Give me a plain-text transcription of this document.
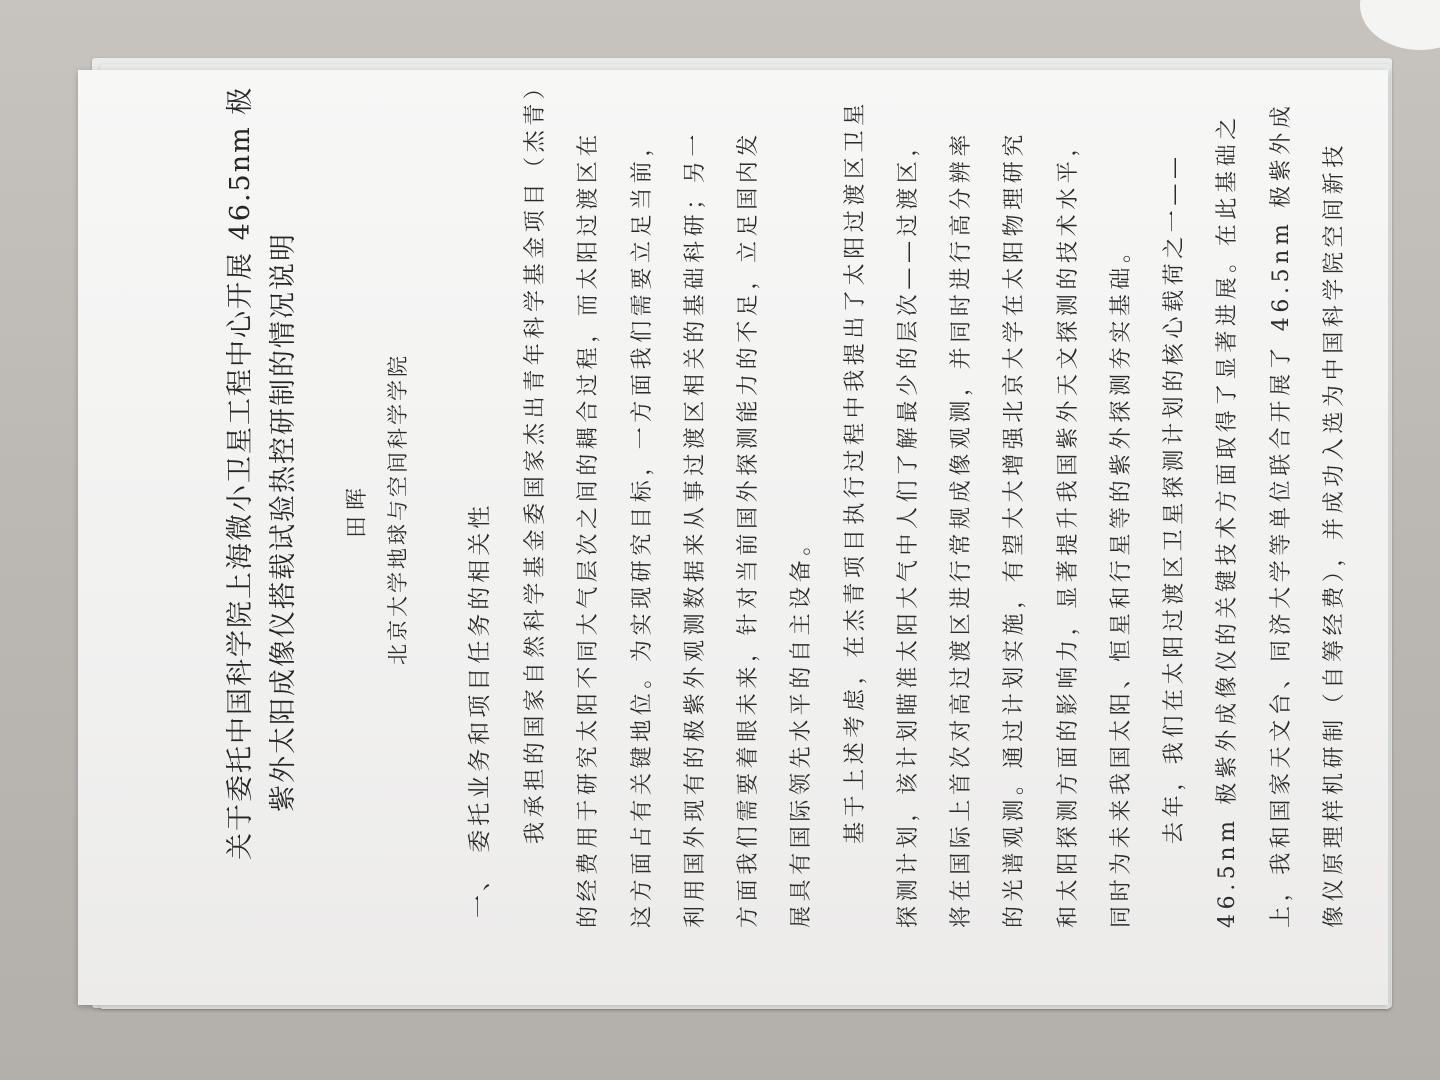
关于委托中国科学院上海微小卫星工程中心开展 46.5nm 极 紫外太阳成像仪搭载试验热控研制的情况说明 田晖 北京大学地球与空间科学学院 一、 委托业务和项目任务的相关性 我承担的国家自然科学基金委国家杰出青年科学基金项目（杰青） 的经费用于研究太阳不同大气层次之间的耦合过程，而太阳过渡区在 这方面占有关键地位。为实现研究目标，一方面我们需要立足当前， 利用国外现有的极紫外观测数据来从事过渡区相关的基础科研；另一 方面我们需要着眼未来，针对当前国外探测能力的不足，立足国内发 展具有国际领先水平的自主设备。 基于上述考虑，在杰青项目执行过程中我提出了太阳过渡区卫星 探测计划，该计划瞄准太阳大气中人们了解最少的层次——过渡区， 将在国际上首次对高过渡区进行常规成像观测，并同时进行高分辨率 的光谱观测。通过计划实施，有望大大增强北京大学在太阳物理研究 和太阳探测方面的影响力，显著提升我国紫外天文探测的技术水平， 同时为未来我国太阳、恒星和行星等的紫外探测夯实基础。 去年，我们在太阳过渡区卫星探测计划的核心载荷之一—— 46.5nm 极紫外成像仪的关键技术方面取得了显著进展。在此基础之 上，我和国家天文台、同济大学等单位联合开展了 46.5nm 极紫外成 像仪原理样机研制（自筹经费），并成功入选为中国科学院空间新技
